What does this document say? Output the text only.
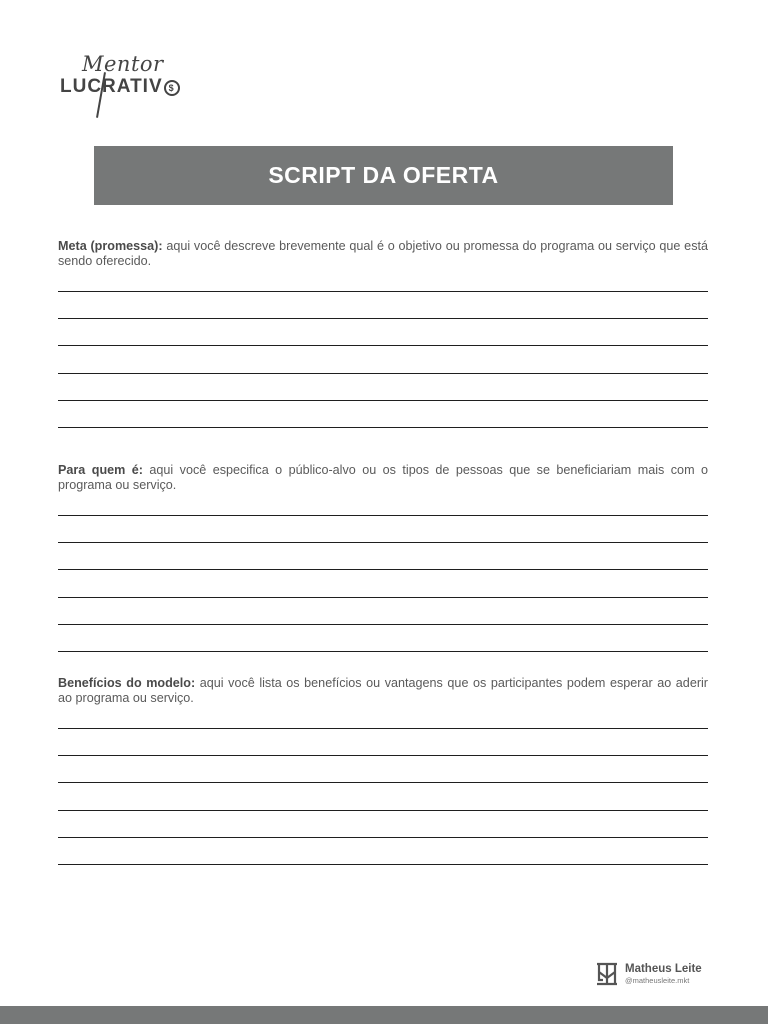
Mentor
LUCRATIV $
SCRIPT DA OFERTA

Meta (promessa): aqui você descreve brevemente qual é o objetivo ou promessa do programa ou serviço que está sendo oferecido.

Para quem é: aqui você especifica o público-alvo ou os tipos de pessoas que se beneficiariam mais com o programa ou serviço.

Benefícios do modelo: aqui você lista os benefícios ou vantagens que os participantes podem esperar ao aderir ao programa ou serviço.

Matheus Leite
@matheusleite.mkt
